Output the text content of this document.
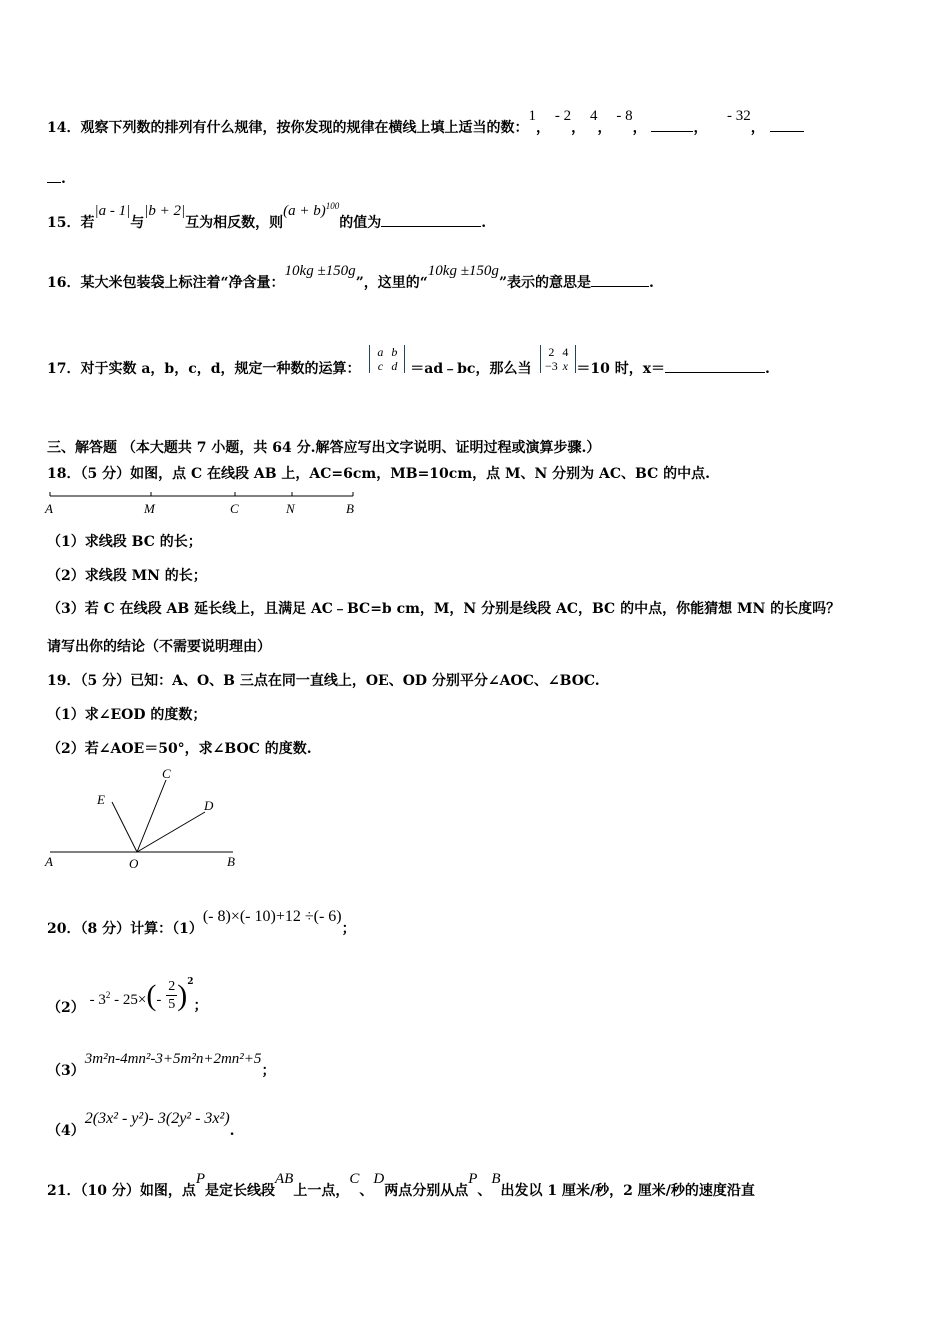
14．观察下列数的排列有什么规律，按你发现的规律在横线上填上适当的数：1， - 2， 4， - 8，	，    - 32，
.
15．若|a - 1|与|b + 2|互为相反数，则$(a + b)^{100}$的值为	.
16．某大米包装袋上标注着“净含量：10kg ±150g”，这里的“10kg ±150g”表示的意思是	.
17．对于实数 a，b，c，d，规定一种数的运算： a b
c d ＝ad﹣bc，那么当 2 4
−3 x ＝10 时，x＝	.
三、解答题 （本大题共 7 小题，共 64 分.解答应写出文字说明、证明过程或演算步骤.）
18．（5 分）如图，点 C 在线段 AB 上，AC=6cm，MB=10cm，点 M、N 分别为 AC、BC 的中点.
A	M	C	N	B
（1）求线段 BC 的长；
（2）求线段 MN 的长；
（3）若 C 在线段 AB 延长线上，且满足 AC﹣BC=b cm，M，N 分别是线段 AC，BC 的中点，你能猜想 MN 的长度吗？
请写出你的结论（不需要说明理由）
19．（5 分）已知：A、O、B 三点在同一直线上，OE、OD 分别平分∠AOC、∠BOC.
（1）求∠EOD 的度数；
（2）若∠AOE＝50°，求∠BOC 的度数.
A	O	B
C
E	D
20．（8 分）计算：（1）(- 8)×(- 10)+12 ÷(- 6)；
$(2) - 3^2 - 25\times(- \frac{2}{5} )^2$；
（3）3m²n-4mn²-3+5m²n+2mn²+5；
（4）2(3x² - y²)- 3(2y² - 3x²).
21．（10 分）如图，点P是定长线段AB上一点，C、D两点分别从点P、B出发以 1 厘米/秒，2 厘米/秒的速度沿直
